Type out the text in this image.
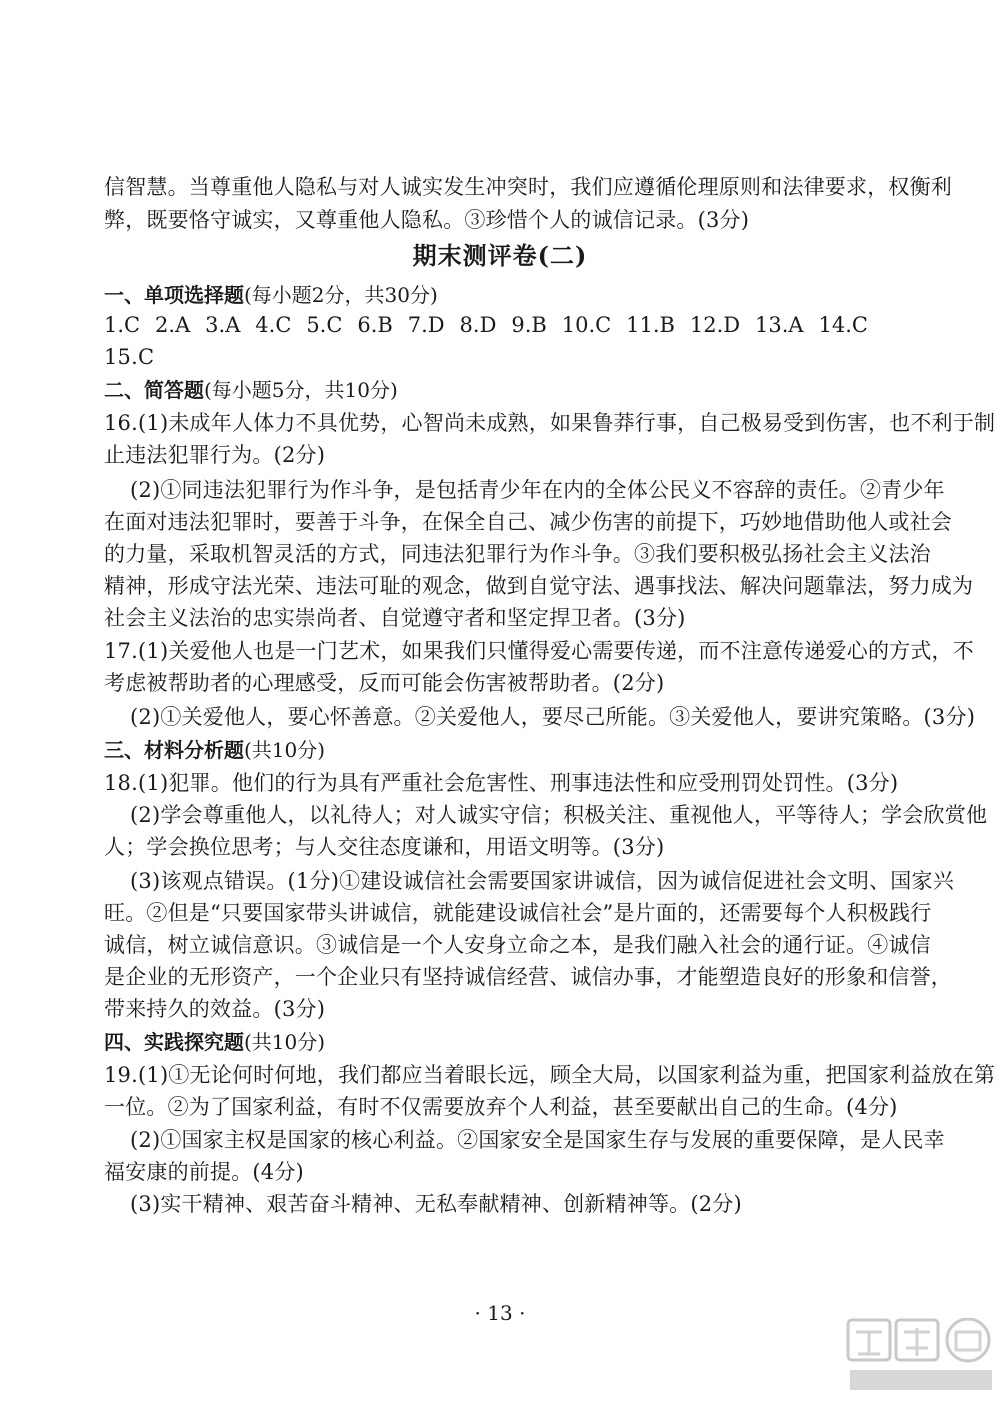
信智慧。当尊重他人隐私与对人诚实发生冲突时，我们应遵循伦理原则和法律要求，权衡利
弊，既要恪守诚实，又尊重他人隐私。③珍惜个人的诚信记录。(3分)
期末测评卷(二)
一、单项选择题(每小题2分，共30分)
1.C 2.A 3.A 4.C 5.C 6.B 7.D 8.D 9.B 10.C 11.B 12.D 13.A 14.C
15.C
二、简答题(每小题5分，共10分)
16.(1)未成年人体力不具优势，心智尚未成熟，如果鲁莽行事，自己极易受到伤害，也不利于制
止违法犯罪行为。(2分)
(2)①同违法犯罪行为作斗争，是包括青少年在内的全体公民义不容辞的责任。②青少年
在面对违法犯罪时，要善于斗争，在保全自己、减少伤害的前提下，巧妙地借助他人或社会
的力量，采取机智灵活的方式，同违法犯罪行为作斗争。③我们要积极弘扬社会主义法治
精神，形成守法光荣、违法可耻的观念，做到自觉守法、遇事找法、解决问题靠法，努力成为
社会主义法治的忠实崇尚者、自觉遵守者和坚定捍卫者。(3分)
17.(1)关爱他人也是一门艺术，如果我们只懂得爱心需要传递，而不注意传递爱心的方式，不
考虑被帮助者的心理感受，反而可能会伤害被帮助者。(2分)
(2)①关爱他人，要心怀善意。②关爱他人，要尽己所能。③关爱他人，要讲究策略。(3分)
三、材料分析题(共10分)
18.(1)犯罪。他们的行为具有严重社会危害性、刑事违法性和应受刑罚处罚性。(3分)
(2)学会尊重他人，以礼待人；对人诚实守信；积极关注、重视他人，平等待人；学会欣赏他
人；学会换位思考；与人交往态度谦和，用语文明等。(3分)
(3)该观点错误。(1分)①建设诚信社会需要国家讲诚信，因为诚信促进社会文明、国家兴
旺。②但是“只要国家带头讲诚信，就能建设诚信社会”是片面的，还需要每个人积极践行
诚信，树立诚信意识。③诚信是一个人安身立命之本，是我们融入社会的通行证。④诚信
是企业的无形资产，一个企业只有坚持诚信经营、诚信办事，才能塑造良好的形象和信誉，
带来持久的效益。(3分)
四、实践探究题(共10分)
19.(1)①无论何时何地，我们都应当着眼长远，顾全大局，以国家利益为重，把国家利益放在第
一位。②为了国家利益，有时不仅需要放弃个人利益，甚至要献出自己的生命。(4分)
(2)①国家主权是国家的核心利益。②国家安全是国家生存与发展的重要保障，是人民幸
福安康的前提。(4分)
(3)实干精神、艰苦奋斗精神、无私奉献精神、创新精神等。(2分)
· 13 ·
